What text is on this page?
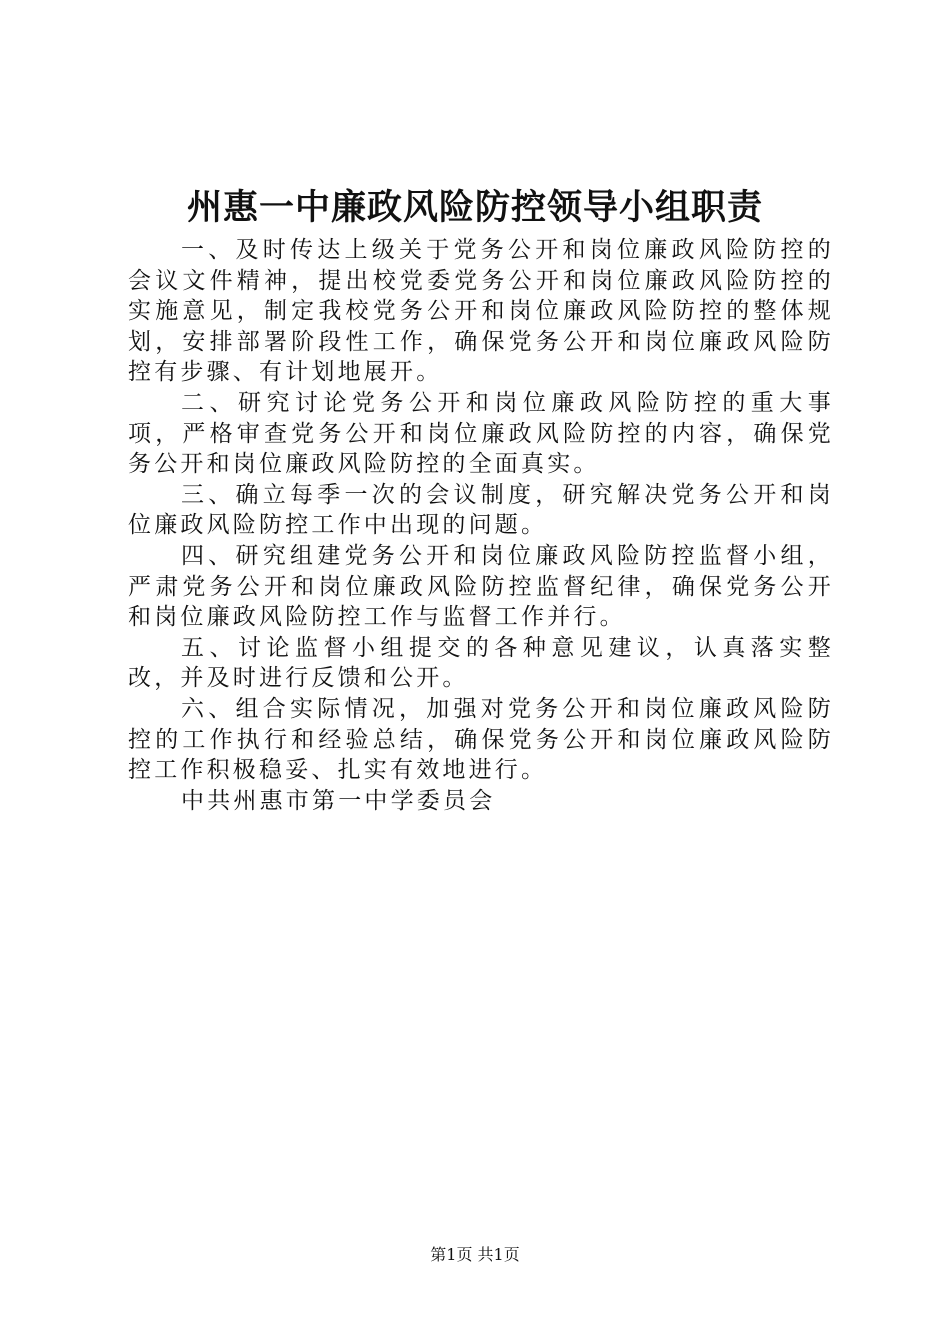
州惠一中廉政风险防控领导小组职责

一、及时传达上级关于党务公开和岗位廉政风险防控的会议文件精神，提出校党委党务公开和岗位廉政风险防控的实施意见，制定我校党务公开和岗位廉政风险防控的整体规划，安排部署阶段性工作，确保党务公开和岗位廉政风险防控有步骤、有计划地展开。

二、研究讨论党务公开和岗位廉政风险防控的重大事项，严格审查党务公开和岗位廉政风险防控的内容，确保党务公开和岗位廉政风险防控的全面真实。

三、确立每季一次的会议制度，研究解决党务公开和岗位廉政风险防控工作中出现的问题。

四、研究组建党务公开和岗位廉政风险防控监督小组，严肃党务公开和岗位廉政风险防控监督纪律，确保党务公开和岗位廉政风险防控工作与监督工作并行。

五、讨论监督小组提交的各种意见建议，认真落实整改，并及时进行反馈和公开。

六、组合实际情况，加强对党务公开和岗位廉政风险防控的工作执行和经验总结，确保党务公开和岗位廉政风险防控工作积极稳妥、扎实有效地进行。

中共州惠市第一中学委员会

第1页 共1页
